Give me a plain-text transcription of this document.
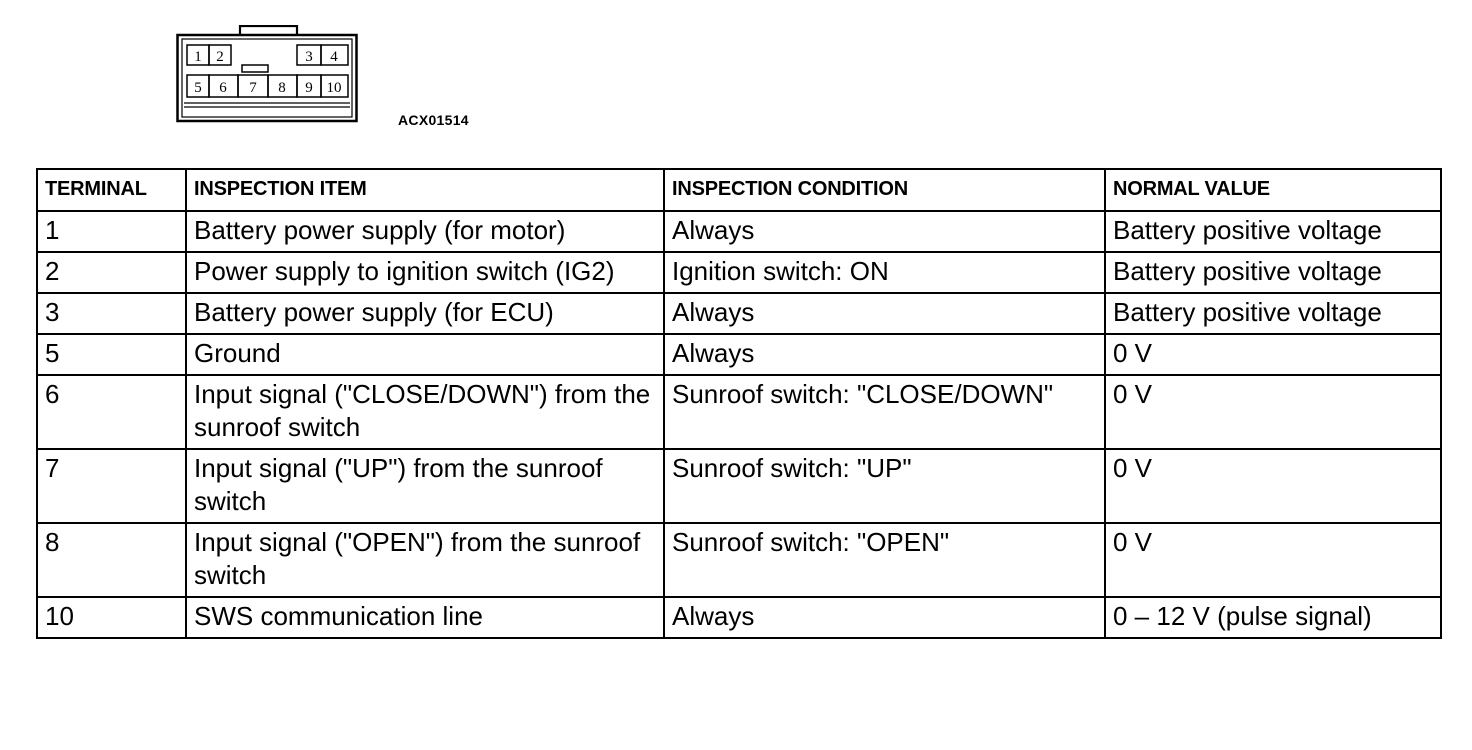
1 2	3 4
5 6 7 8 9 10
ACX01514
TERMINAL	INSPECTION ITEM	INSPECTION CONDITION	NORMAL VALUE
1	Battery power supply (for motor)	Always	Battery positive voltage
2	Power supply to ignition switch (IG2)	Ignition switch: ON	Battery positive voltage
3	Battery power supply (for ECU)	Always	Battery positive voltage
5	Ground	Always	0 V
6	Input signal ("CLOSE/DOWN") from the sunroof switch	Sunroof switch: "CLOSE/DOWN"	0 V
7	Input signal ("UP") from the sunroof switch	Sunroof switch: "UP"	0 V
8	Input signal ("OPEN") from the sunroof switch	Sunroof switch: "OPEN"	0 V
10	SWS communication line	Always	0 – 12 V (pulse signal)
